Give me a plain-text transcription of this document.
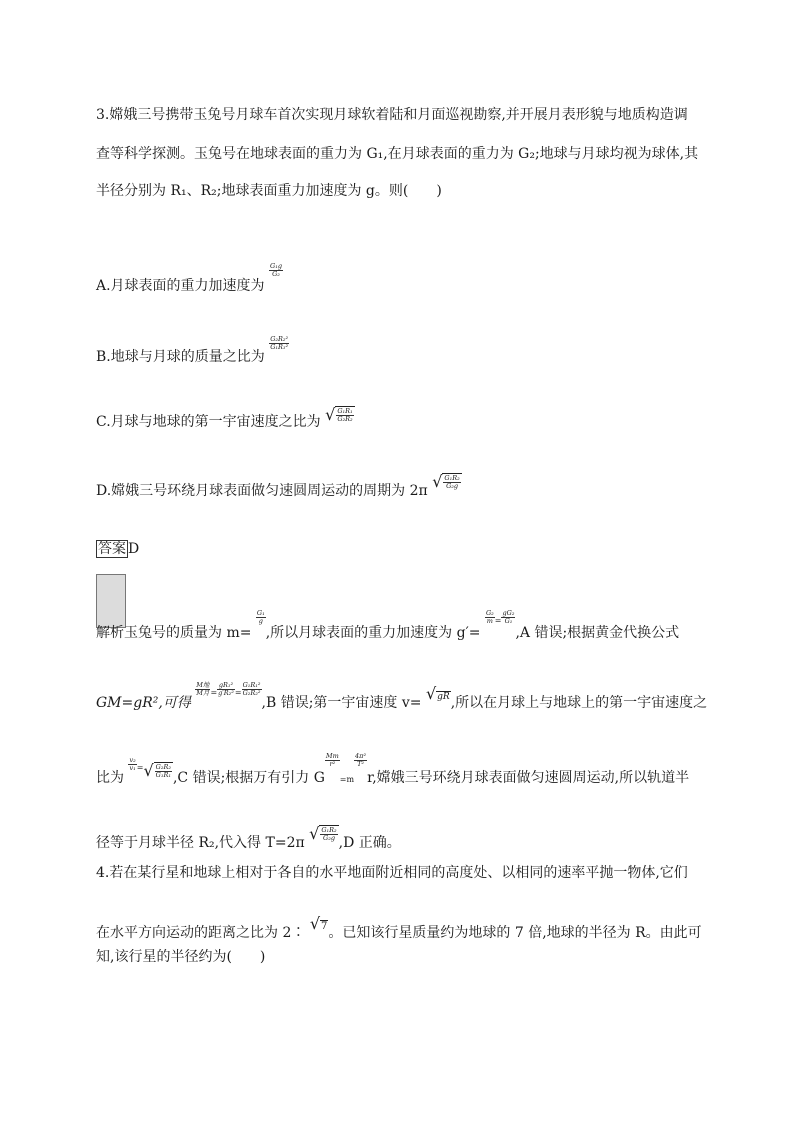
3.嫦娥三号携带玉兔号月球车首次实现月球软着陆和月面巡视勘察,并开展月表形貌与地质构造调
查等科学探测。玉兔号在地球表面的重力为 G₁,在月球表面的重力为 G₂;地球与月球均视为球体,其
半径分别为 R₁、R₂;地球表面重力加速度为 g。则(　　)
A.月球表面的重力加速度为
$\frac{\text{G₁g}}{\text{G₂}}$
B.地球与月球的质量之比为
$\frac{\text{G₂R₂²}}{\text{G₁R₁²}}$
C.月球与地球的第一宇宙速度之比为 √ $\frac{\text{G₁R₁}}{\text{G₂R₂}}$
D.嫦娥三号环绕月球表面做匀速圆周运动的周期为 2π √ $\frac{\text{G₁R₂}}{\text{G₂g}}$
答案 D
解析玉兔号的质量为 m=
$\frac{\text{G₁}}{g}$
,所以月球表面的重力加速度为 g′=
$\frac{\text{G₂}}{m} ^= \frac{\text{gG₂}}{\text{G₁}}$
,A 错误;根据黄金代换公式
GM=gR²,可得
$\frac{\text{M地}}{\text{M月}} ^= \frac{\text{gR₁²}}{\text{g′R₂²}} ^= \frac{\text{G₁R₁²}}{\text{G₂R₂²}}$
,B 错误;第一宇宙速度 v= √ gR ,所以在月球上与地球上的第一宇宙速度之
比为
$\frac{\text{v₂}}{\text{v₁}} ^=$ √ $\frac{\text{G₂R₂}}{\text{G₁R₁}} ,C$ 错误;根据万有引力 G
$\frac{Mm}{\text{r²}}$
=m
$\frac{\text{4π²}}{\text{T²}}$
r,嫦娥三号环绕月球表面做匀速圆周运动,所以轨道半
径等于月球半径 R₂,代入得 T=2π √ $\frac{\text{G₁R₂}}{\text{G₂g}}$
,D 正确。
4.若在某行星和地球上相对于各自的水平地面附近相同的高度处、以相同的速率平抛一物体,它们
在水平方向运动的距离之比为 2∶ √ 7 。已知该行星质量约为地球的 7 倍,地球的半径为 R。由此可
知,该行星的半径约为(　　)
